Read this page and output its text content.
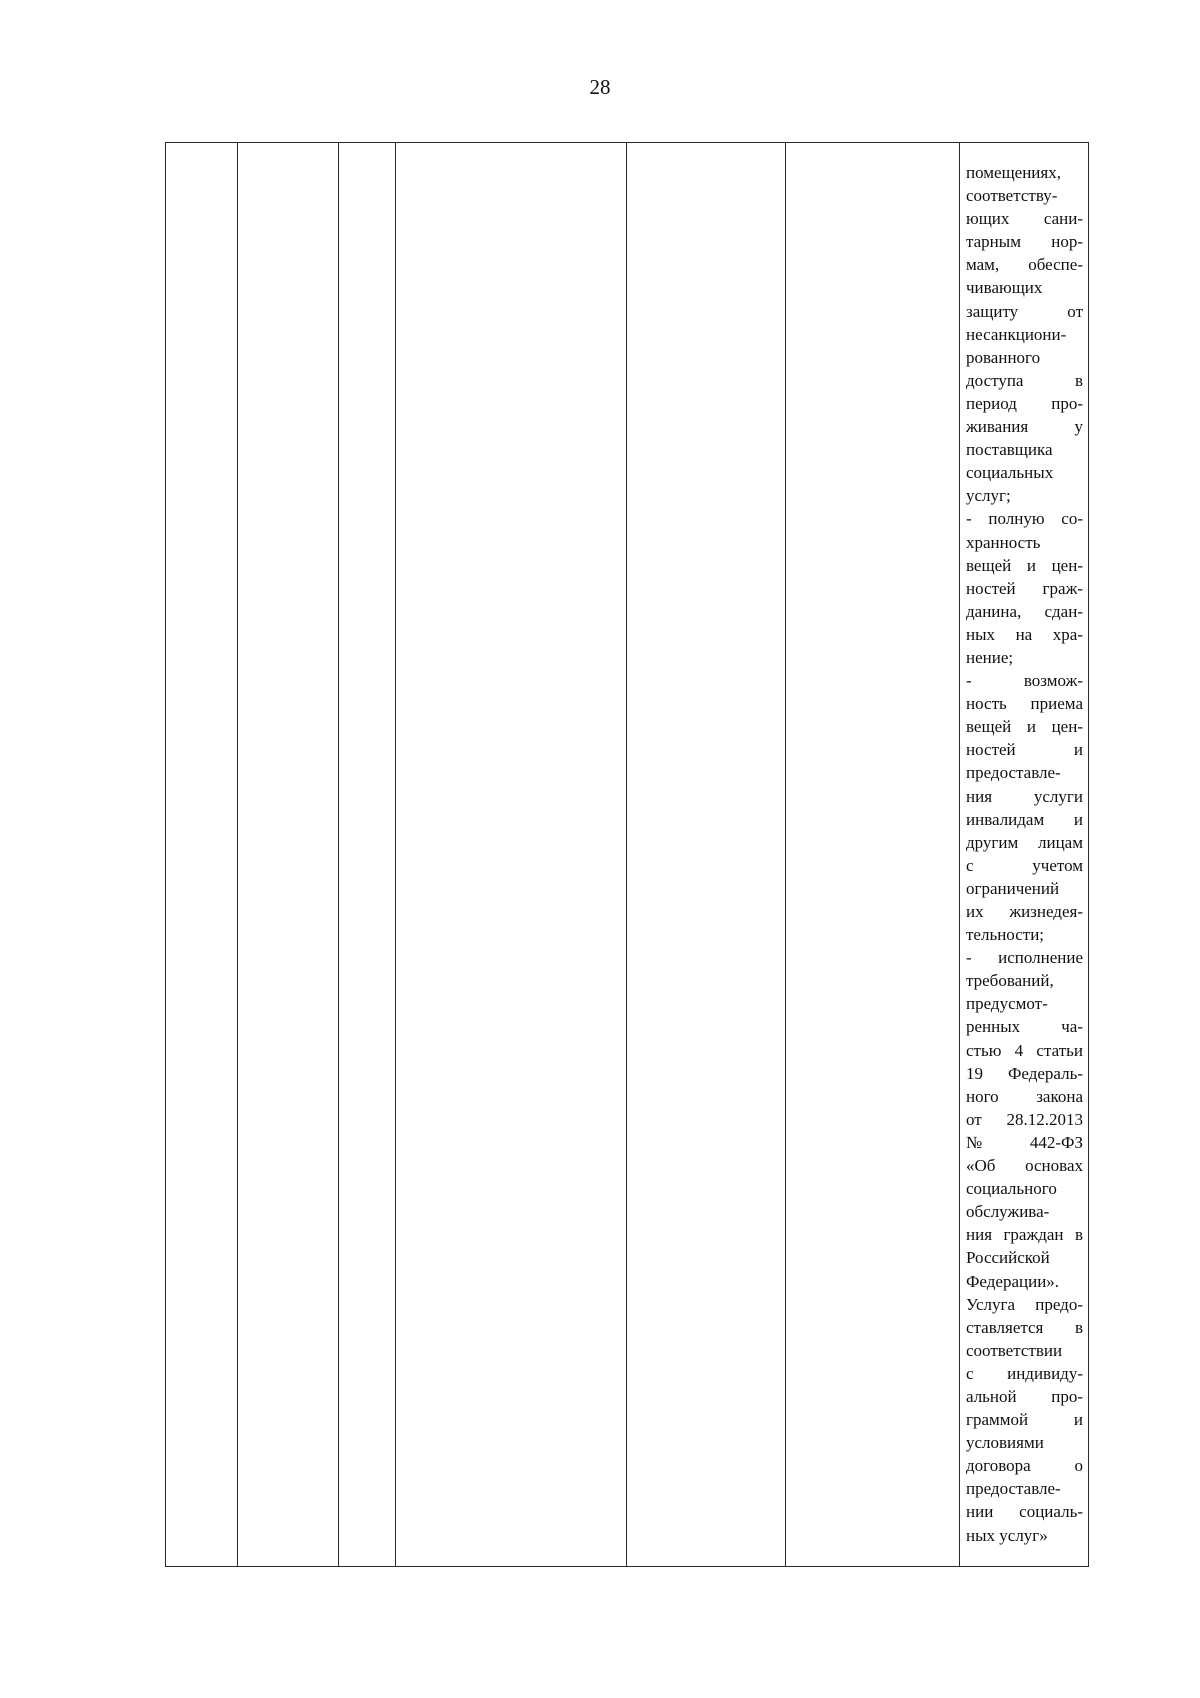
28

помещениях,
соответству-
ющих сани-
тарным нор-
мам, обеспе-
чивающих
защиту от
несанкциони-
рованного
доступа в
период про-
живания у
поставщика
социальных
услуг;
- полную со-
хранность
вещей и цен-
ностей граж-
данина, сдан-
ных на хра-
нение;
- возмож-
ность приема
вещей и цен-
ностей и
предоставле-
ния услуги
инвалидам и
другим лицам
с учетом
ограничений
их жизнедея-
тельности;
- исполнение
требований,
предусмот-
ренных ча-
стью 4 статьи
19 Федераль-
ного закона
от 28.12.2013
№ 442-ФЗ
«Об основах
социального
обслужива-
ния граждан в
Российской
Федерации».
Услуга предо-
ставляется в
соответствии
с индивиду-
альной про-
граммой и
условиями
договора о
предоставле-
нии социаль-
ных услуг»
